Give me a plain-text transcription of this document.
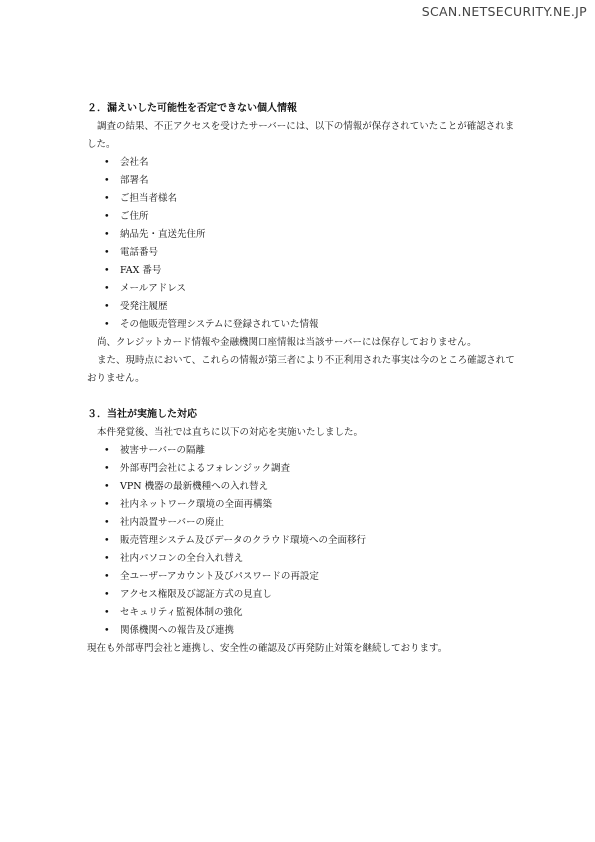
SCAN.NETSECURITY.NE.JP
２．漏えいした可能性を否定できない個人情報

調査の結果、不正アクセスを受けたサーバーには、以下の情報が保存されていたことが確認されました。

• 会社名
• 部署名
• ご担当者様名
• ご住所
• 納品先・直送先住所
• 電話番号
• FAX 番号
• メールアドレス
• 受発注履歴
• その他販売管理システムに登録されていた情報

尚、クレジットカード情報や金融機関口座情報は当該サーバーには保存しておりません。

また、現時点において、これらの情報が第三者により不正利用された事実は今のところ確認されておりません。

３．当社が実施した対応

本件発覚後、当社では直ちに以下の対応を実施いたしました。

• 被害サーバーの隔離
• 外部専門会社によるフォレンジック調査
• VPN 機器の最新機種への入れ替え
• 社内ネットワーク環境の全面再構築
• 社内設置サーバーの廃止
• 販売管理システム及びデータのクラウド環境への全面移行
• 社内パソコンの全台入れ替え
• 全ユーザーアカウント及びパスワードの再設定
• アクセス権限及び認証方式の見直し
• セキュリティ監視体制の強化
• 関係機関への報告及び連携

現在も外部専門会社と連携し、安全性の確認及び再発防止対策を継続しております。
